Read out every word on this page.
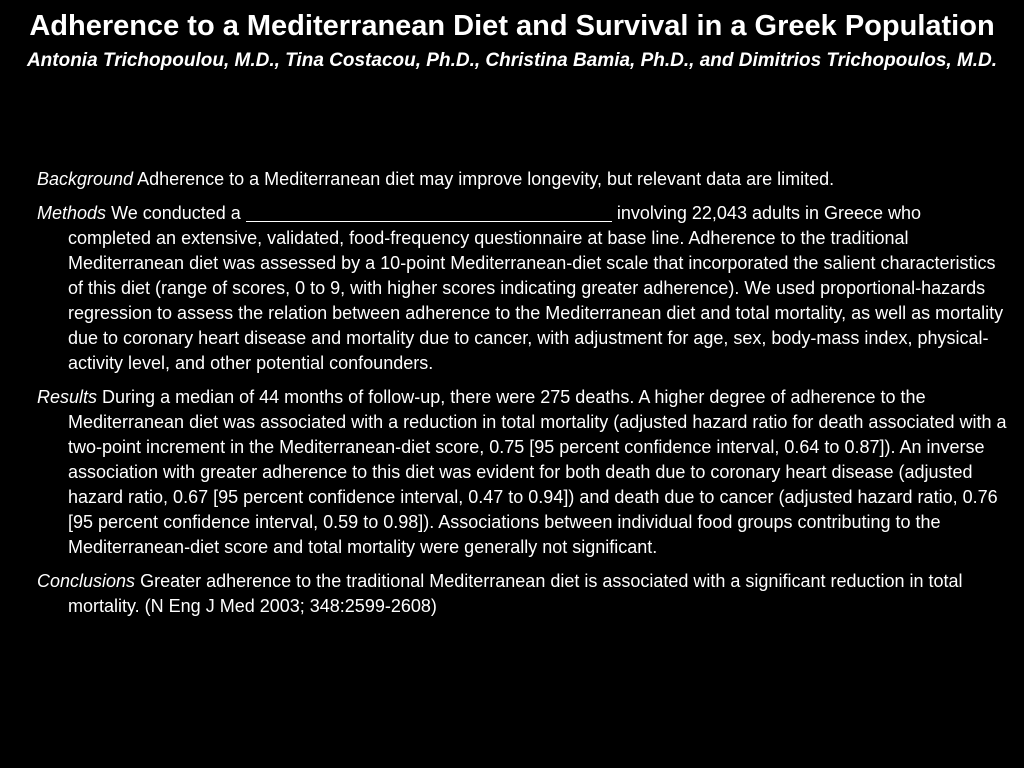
Adherence to a Mediterranean Diet and Survival in a Greek Population

Antonia Trichopoulou, M.D., Tina Costacou, Ph.D., Christina Bamia, Ph.D., and Dimitrios Trichopoulos, M.D.

Background Adherence to a Mediterranean diet may improve longevity, but relevant data are limited.
Methods We conducted a	involving 22,043 adults in Greece who completed an extensive, validated, food-frequency questionnaire at base line. Adherence to the traditional Mediterranean diet was assessed by a 10-point Mediterranean-diet scale that incorporated the salient characteristics of this diet (range of scores, 0 to 9, with higher scores indicating greater adherence). We used proportional-hazards regression to assess the relation between adherence to the Mediterranean diet and total mortality, as well as mortality due to coronary heart disease and mortality due to cancer, with adjustment for age, sex, body-mass index, physical-activity level, and other potential confounders.
Results During a median of 44 months of follow-up, there were 275 deaths. A higher degree of adherence to the Mediterranean diet was associated with a reduction in total mortality (adjusted hazard ratio for death associated with a two-point increment in the Mediterranean-diet score, 0.75 [95 percent confidence interval, 0.64 to 0.87]). An inverse association with greater adherence to this diet was evident for both death due to coronary heart disease (adjusted hazard ratio, 0.67 [95 percent confidence interval, 0.47 to 0.94]) and death due to cancer (adjusted hazard ratio, 0.76 [95 percent confidence interval, 0.59 to 0.98]). Associations between individual food groups contributing to the Mediterranean-diet score and total mortality were generally not significant.
Conclusions Greater adherence to the traditional Mediterranean diet is associated with a significant reduction in total mortality. (N Eng J Med 2003; 348:2599-2608)
